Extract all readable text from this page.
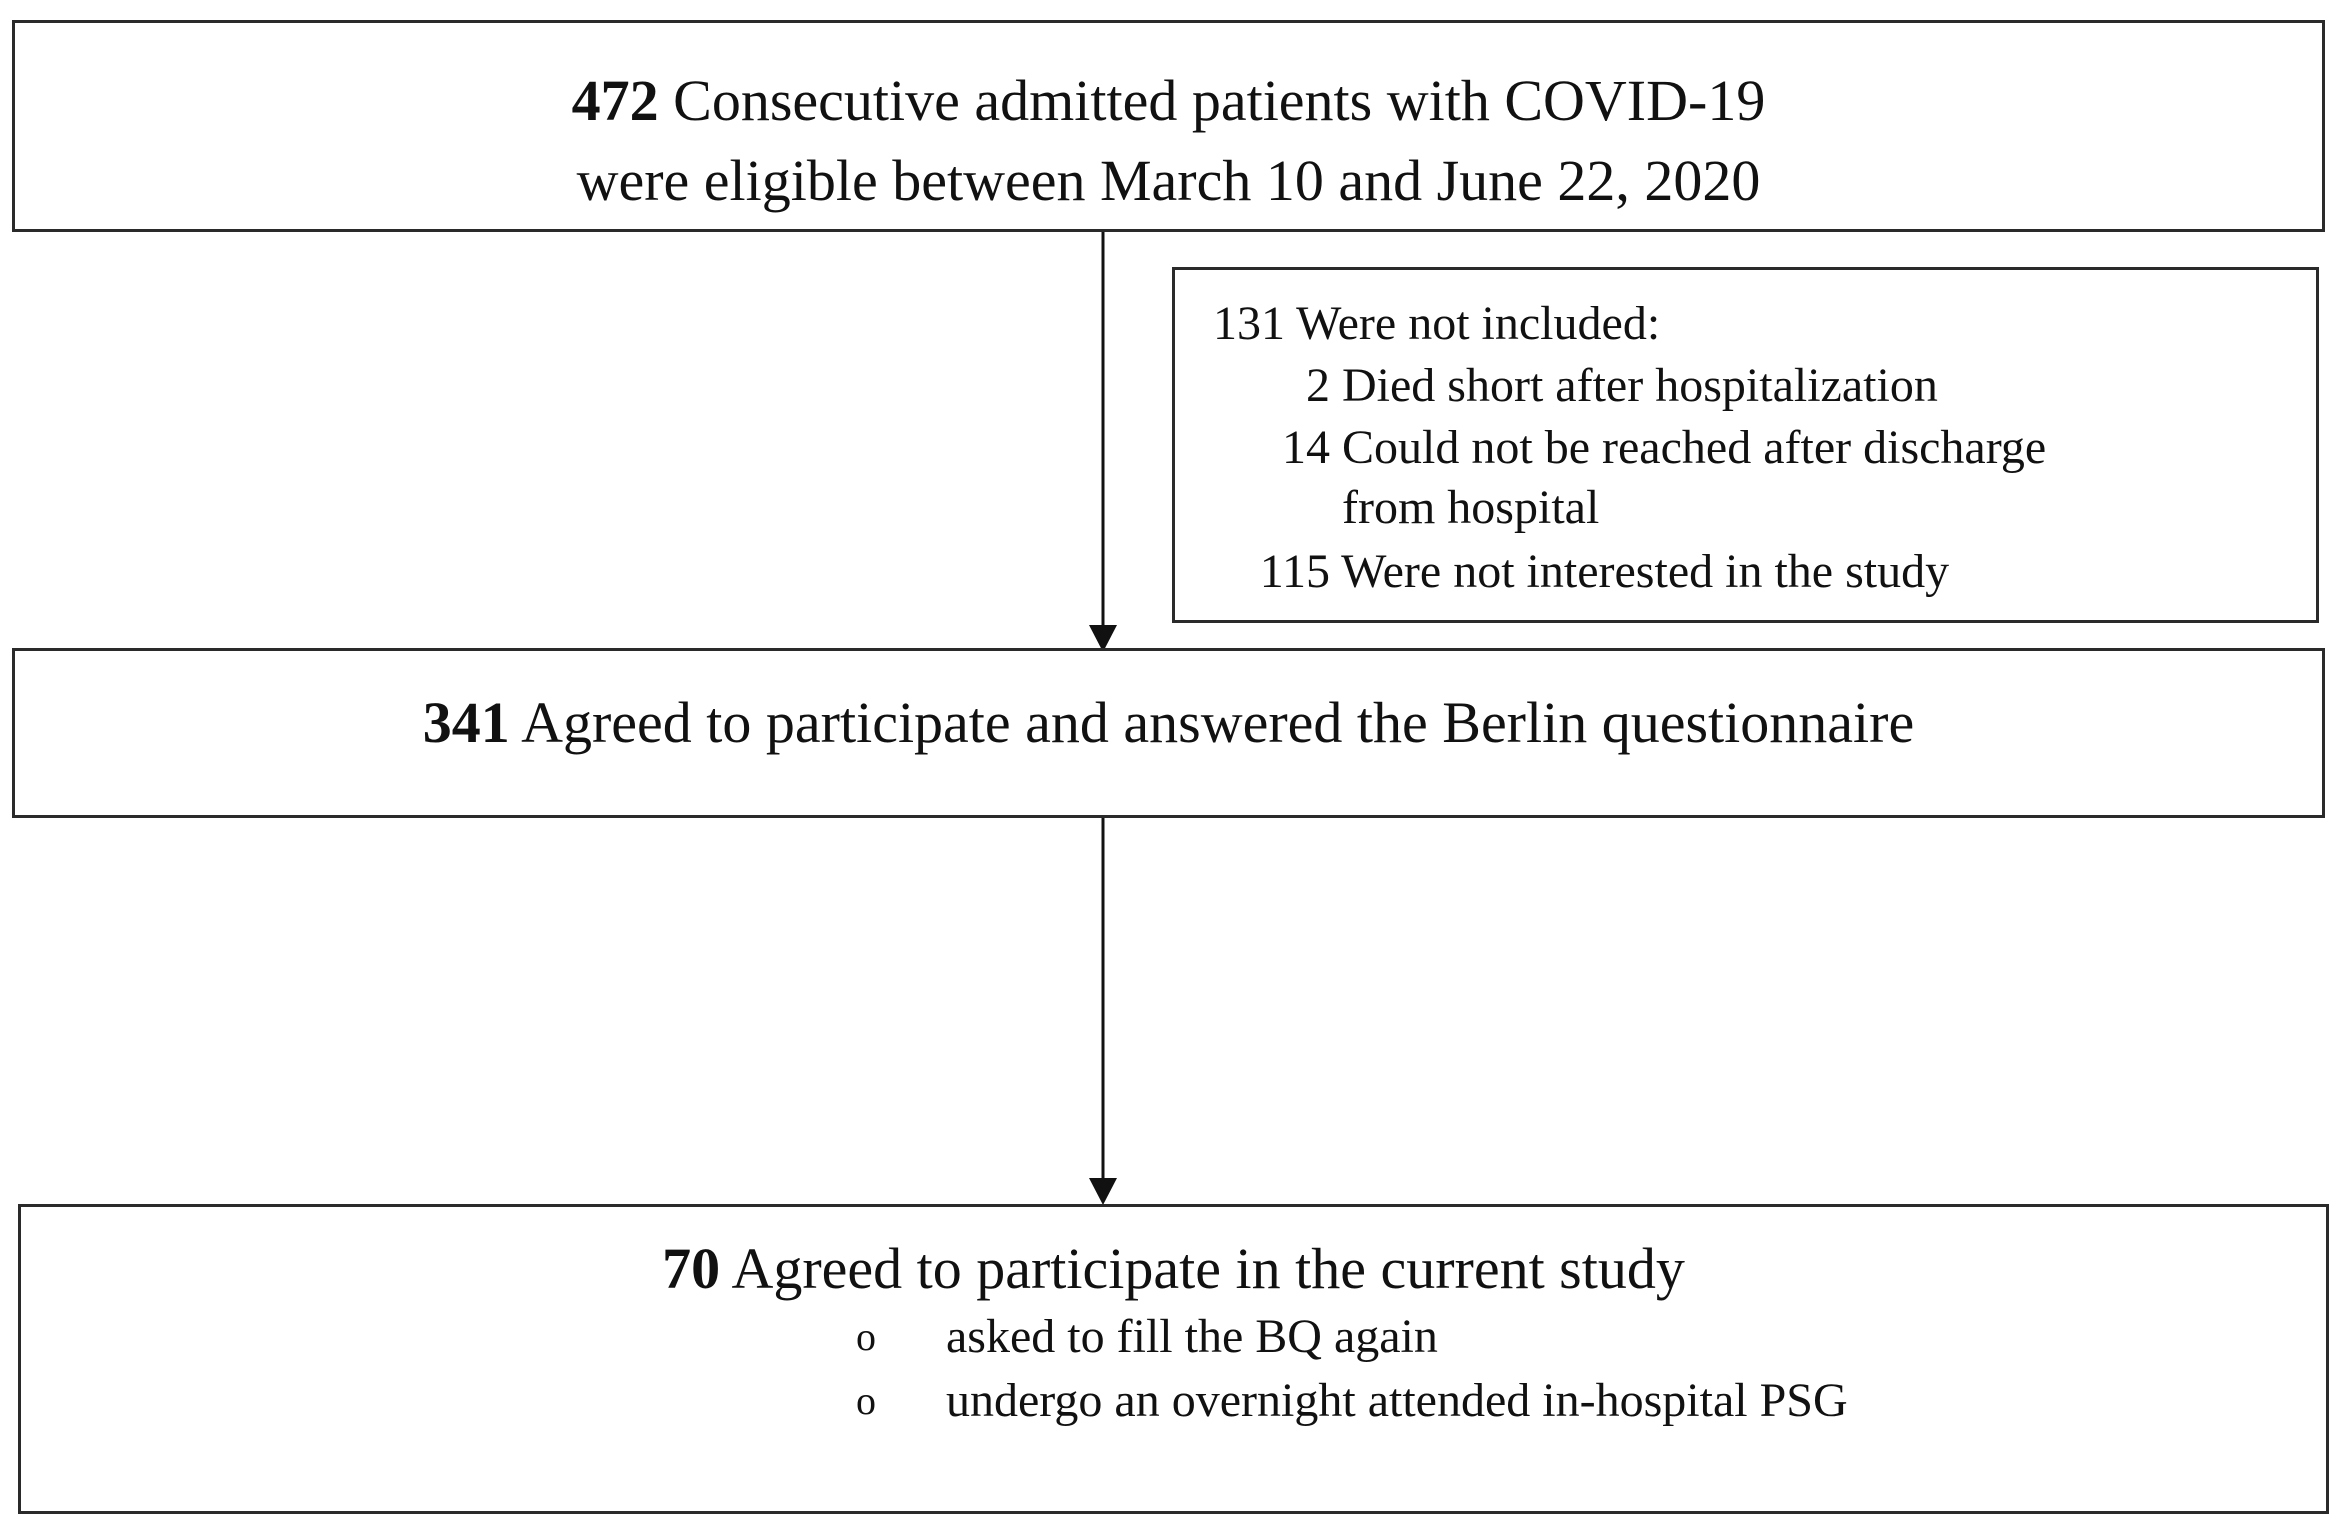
472 Consecutive admitted patients with COVID-19
were eligible between March 10 and June 22, 2020
131 Were not included:
2 Died short after hospitalization
14 Could not be reached after discharge
from hospital
115 Were not interested in the study
341 Agreed to participate and answered the Berlin questionnaire
70 Agreed to participate in the current study
o asked to fill the BQ again
o undergo an overnight attended in-hospital PSG
